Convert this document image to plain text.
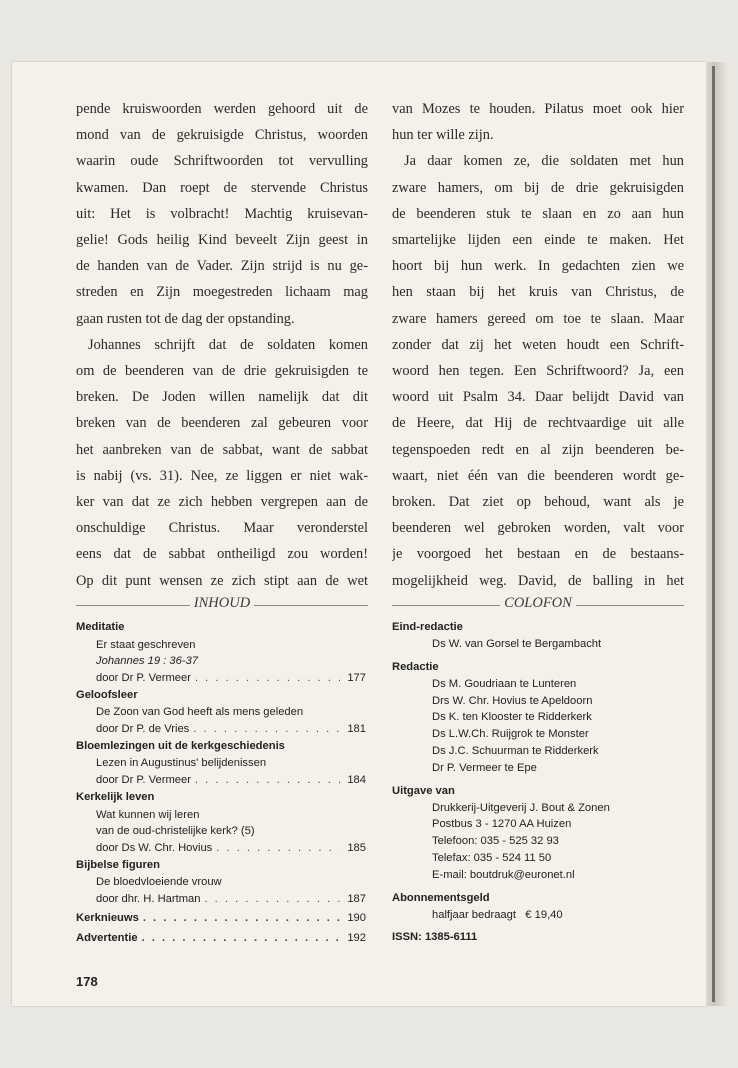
pende kruiswoorden werden gehoord uit de

mond van de gekruisigde Christus, woorden

waarin oude Schriftwoorden tot vervulling

kwamen. Dan roept de stervende Christus

uit: Het is volbracht! Machtig kruisevan-

gelie! Gods heilig Kind beveelt Zijn geest in

de handen van de Vader. Zijn strijd is nu ge-

streden en Zijn moegestreden lichaam mag

gaan rusten tot de dag der opstanding.

Johannes schrijft dat de soldaten komen

om de beenderen van de drie gekruisigden te

breken. De Joden willen namelijk dat dit

breken van de beenderen zal gebeuren voor

het aanbreken van de sabbat, want de sabbat

is nabij (vs. 31). Nee, ze liggen er niet wak-

ker van dat ze zich hebben vergrepen aan de

onschuldige Christus. Maar veronderstel

eens dat de sabbat ontheiligd zou worden!

Op dit punt wensen ze zich stipt aan de wet

van Mozes te houden. Pilatus moet ook hier

hun ter wille zijn.

Ja daar komen ze, die soldaten met hun

zware hamers, om bij de drie gekruisigden

de beenderen stuk te slaan en zo aan hun

smartelijke lijden een einde te maken. Het

hoort bij hun werk. In gedachten zien we

hen staan bij het kruis van Christus, de

zware hamers gereed om toe te slaan. Maar

zonder dat zij het weten houdt een Schrift-

woord hen tegen. Een Schriftwoord? Ja, een

woord uit Psalm 34. Daar belijdt David van

de Heere, dat Hij de rechtvaardige uit alle

tegenspoeden redt en al zijn beenderen be-

waart, niet één van die beenderen wordt ge-

broken. Dat ziet op behoud, want als je

beenderen wel gebroken worden, valt voor

je voorgoed het bestaan en de bestaans-

mogelijkheid weg. David, de balling in het

INHOUD	COLOFON
Meditatie
Er staat geschreven
Johannes 19 : 36-37
door Dr P. Vermeer . . .	177
Geloofsleer
De Zoon van God heeft als mens geleden
door Dr P. de Vries . . .	181
Bloemlezingen uit de kerkgeschiedenis
Lezen in Augustinus' belijdenissen
door Dr P. Vermeer . . .	184
Kerkelijk leven
Wat kunnen wij leren
van de oud-christelijke kerk? (5)
door Ds W. Chr. Hovius . . .	185
Bijbelse figuren
De bloedvloeiende vrouw
door dhr. H. Hartman . . .	187
Kerknieuws . . .	190
Advertentie . . .	192
Eind-redactie
Ds W. van Gorsel te Bergambacht
Redactie
Ds M. Goudriaan te Lunteren
Drs W. Chr. Hovius te Apeldoorn
Ds K. ten Klooster te Ridderkerk
Ds L.W.Ch. Ruijgrok te Monster
Ds J.C. Schuurman te Ridderkerk
Dr P. Vermeer te Epe
Uitgave van
Drukkerij-Uitgeverij J. Bout & Zonen
Postbus 3 - 1270 AA Huizen
Telefoon: 035 - 525 32 93
Telefax: 035 - 524 11 50
E-mail: boutdruk@euronet.nl
Abonnementsgeld
halfjaar bedraagt   € 19,40
ISSN: 1385-6111
178
